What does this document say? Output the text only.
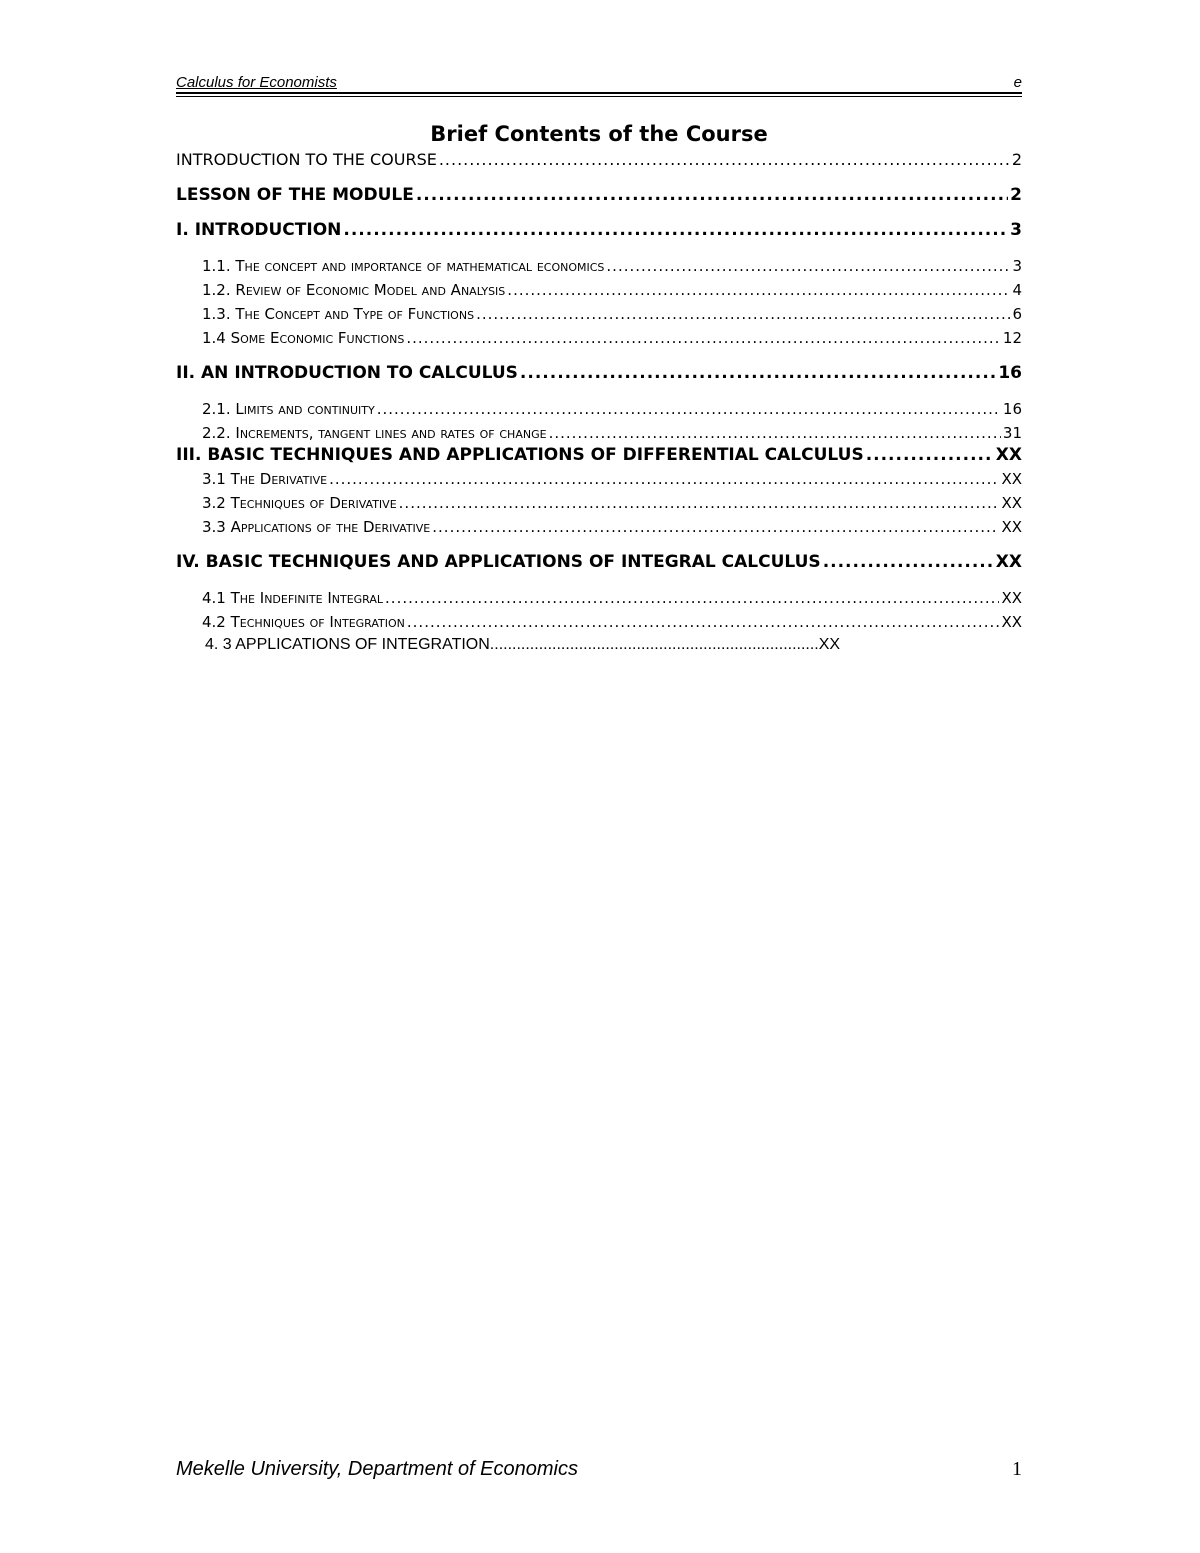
Calculus for Economists	e
Brief Contents of the Course
INTRODUCTION TO THE COURSE .....	2
LESSON OF THE MODULE .....	2
I. INTRODUCTION .....	3
1.1. The concept and importance of mathematical economics .....	3
1.2. Review of Economic Model and Analysis .....	4
1.3. The Concept and Type of Functions .....	6
1.4 Some Economic Functions .....	12
II. AN INTRODUCTION TO CALCULUS .....	16
2.1. Limits and continuity .....	16
2.2. Increments, tangent lines and rates of change .....	31
III. BASIC TECHNIQUES AND APPLICATIONS OF DIFFERENTIAL CALCULUS .....	XX
3.1 The Derivative .....	XX
3.2 Techniques of Derivative .....	XX
3.3 Applications of the Derivative .....	XX
IV. BASIC TECHNIQUES AND APPLICATIONS OF INTEGRAL CALCULUS .....	XX
4.1 The Indefinite Integral .....	XX
4.2 Techniques of Integration .....	XX
4. 3 APPLICATIONS OF INTEGRATION..........................................................................XX
Mekelle University, Department of Economics	1
